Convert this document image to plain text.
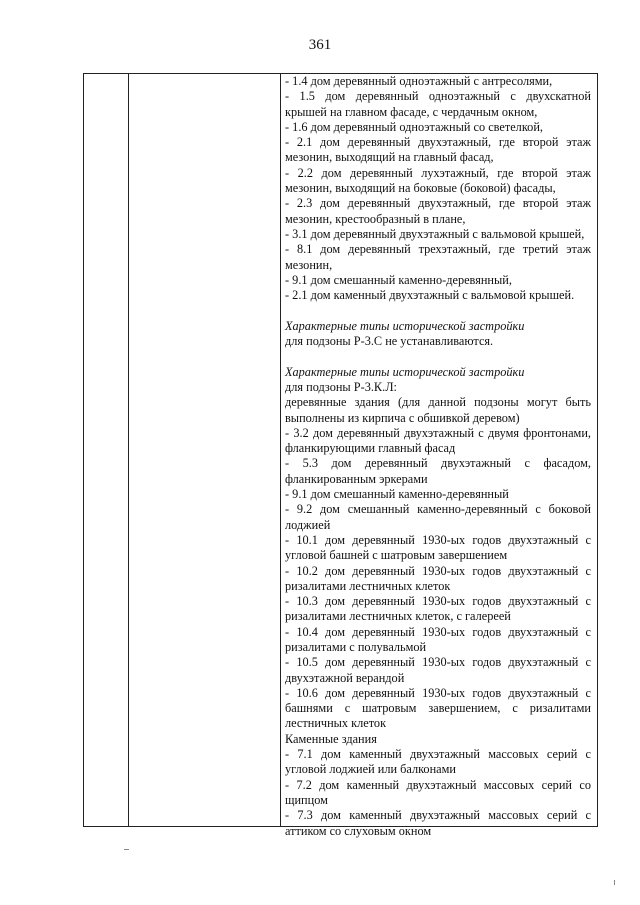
361

- 1.4 дом деревянный одноэтажный с антресолями,

- 1.5 дом деревянный одноэтажный с двухскатной крышей на главном фасаде, с чердачным окном,

- 1.6 дом деревянный одноэтажный со светелкой,

- 2.1 дом деревянный двухэтажный, где второй этаж мезонин, выходящий на главный фасад,

- 2.2 дом деревянный лухэтажный, где второй этаж мезонин, выходящий на боковые (боковой) фасады,

- 2.3 дом деревянный двухэтажный, где второй этаж мезонин, крестообразный в плане,

- 3.1 дом деревянный двухэтажный с вальмовой крышей,

- 8.1 дом деревянный трехэтажный, где третий этаж мезонин,

- 9.1 дом смешанный каменно-деревянный,

- 2.1 дом каменный двухэтажный с вальмовой крышей.

Характерные типы исторической застройки

для подзоны Р-3.С не устанавливаются.

Характерные типы исторической застройки

для подзоны Р-3.К.Л:

деревянные здания (для данной подзоны могут быть выполнены из кирпича с обшивкой деревом)

- 3.2 дом деревянный двухэтажный с двумя фронтонами, фланкирующими главный фасад

- 5.3 дом деревянный двухэтажный с фасадом, фланкированным эркерами

- 9.1 дом смешанный каменно-деревянный

- 9.2 дом смешанный каменно-деревянный с боковой лоджией

- 10.1 дом деревянный 1930-ых годов двухэтажный с угловой башней с шатровым завершением

- 10.2 дом деревянный 1930-ых годов двухэтажный с ризалитами лестничных клеток

- 10.3 дом деревянный 1930-ых годов двухэтажный с ризалитами лестничных клеток, с галереей

- 10.4 дом деревянный 1930-ых годов двухэтажный с ризалитами с полувальмой

- 10.5 дом деревянный 1930-ых годов двухэтажный с двухэтажной верандой

- 10.6 дом деревянный 1930-ых годов двухэтажный с башнями с шатровым завершением, с ризалитами лестничных клеток

Каменные здания

- 7.1 дом каменный двухэтажный массовых серий с угловой лоджией или балконами

- 7.2 дом каменный двухэтажный массовых серий со щипцом

- 7.3 дом каменный двухэтажный массовых серий с аттиком со слуховым окном
